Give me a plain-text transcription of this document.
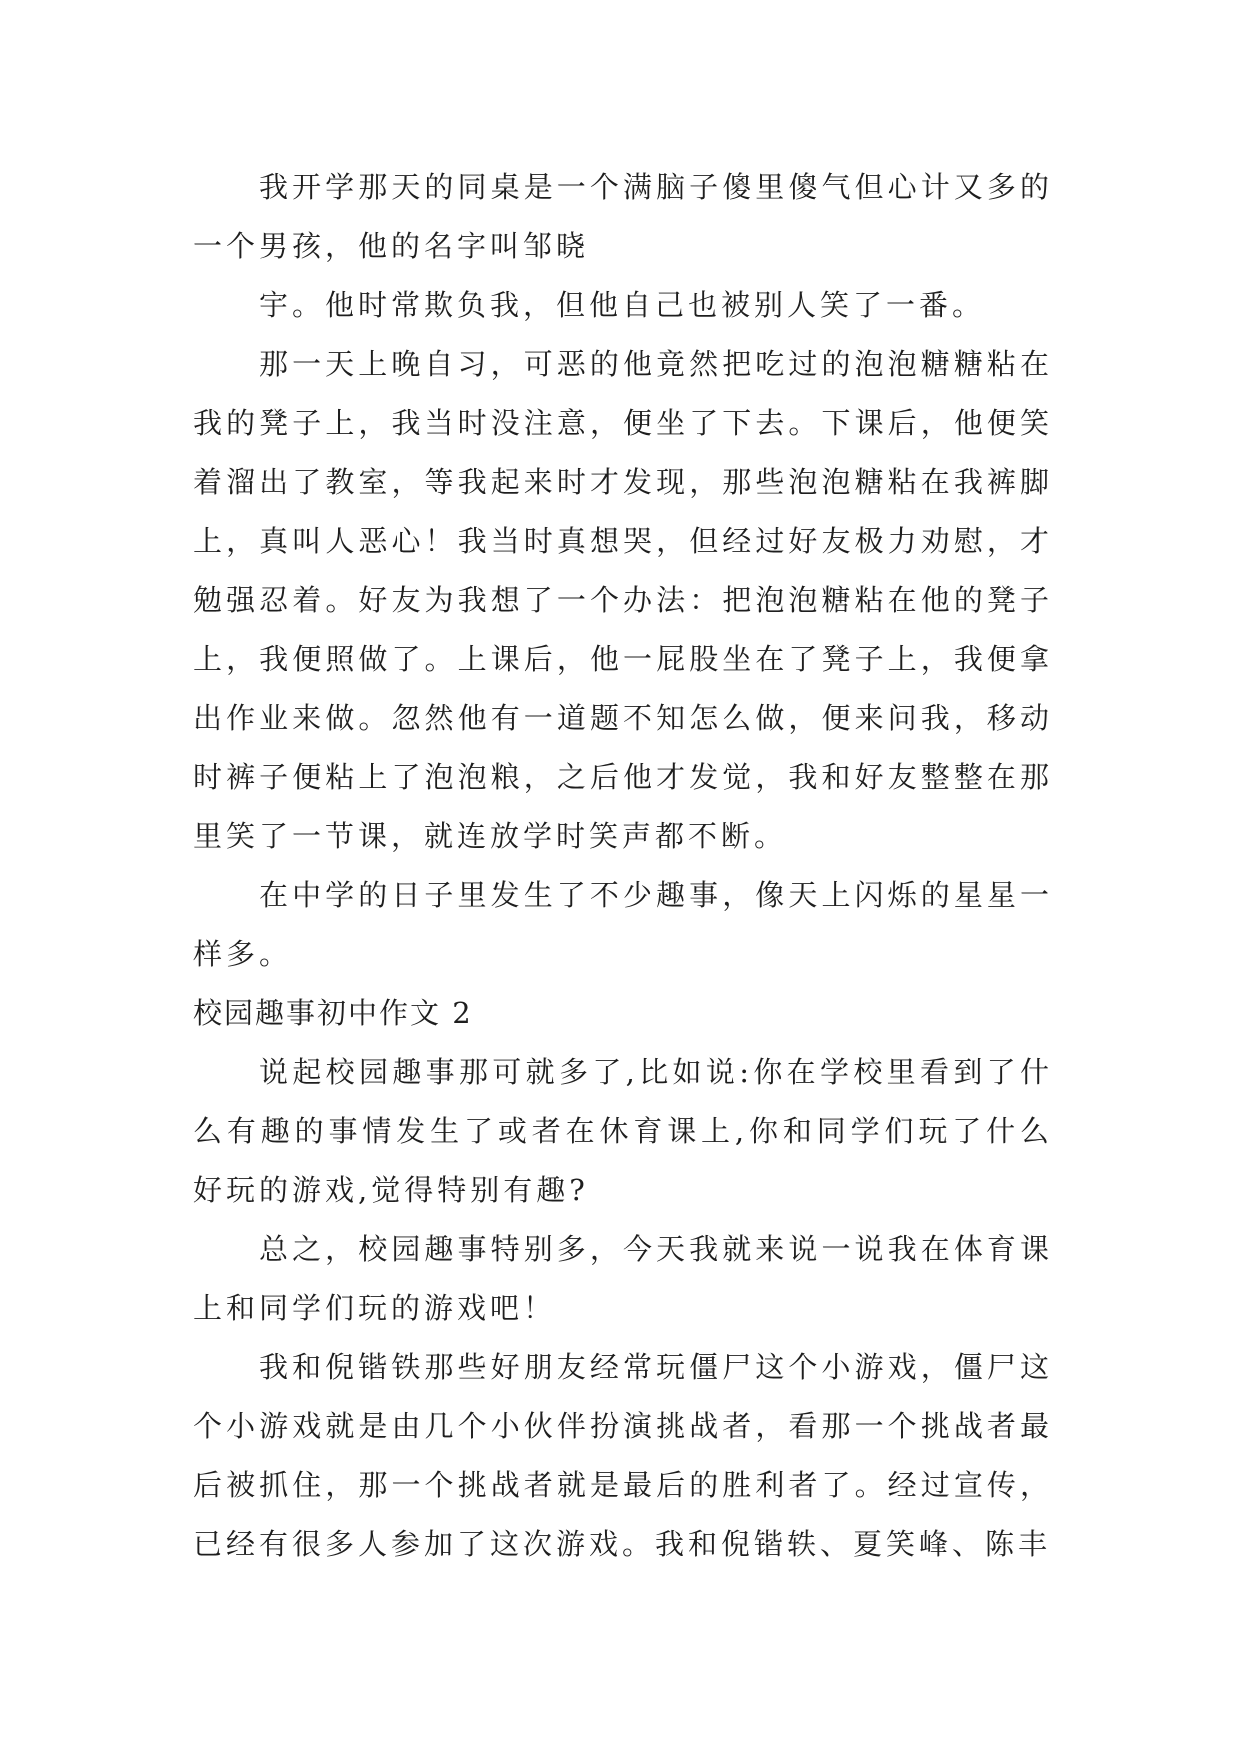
我开学那天的同桌是一个满脑子傻里傻气但心计又多的一个男孩，他的名字叫邹晓

宇。他时常欺负我，但他自己也被别人笑了一番。

那一天上晚自习，可恶的他竟然把吃过的泡泡糖糖粘在我的凳子上，我当时没注意，便坐了下去。下课后，他便笑着溜出了教室，等我起来时才发现，那些泡泡糖粘在我裤脚上，真叫人恶心！我当时真想哭，但经过好友极力劝慰，才勉强忍着。好友为我想了一个办法：把泡泡糖粘在他的凳子上，我便照做了。上课后，他一屁股坐在了凳子上，我便拿出作业来做。忽然他有一道题不知怎么做，便来问我，移动时裤子便粘上了泡泡粮，之后他才发觉，我和好友整整在那里笑了一节课，就连放学时笑声都不断。

在中学的日子里发生了不少趣事，像天上闪烁的星星一样多。

校园趣事初中作文 2

说起校园趣事那可就多了,比如说:你在学校里看到了什么有趣的事情发生了或者在休育课上,你和同学们玩了什么好玩的游戏,觉得特别有趣?

总之，校园趣事特别多，今天我就来说一说我在体育课上和同学们玩的游戏吧！

我和倪锴铁那些好朋友经常玩僵尸这个小游戏，僵尸这个小游戏就是由几个小伙伴扮演挑战者，看那一个挑战者最后被抓住，那一个挑战者就是最后的胜利者了。经过宣传，已经有很多人参加了这次游戏。我和倪锴轶、夏笑峰、陈丰
